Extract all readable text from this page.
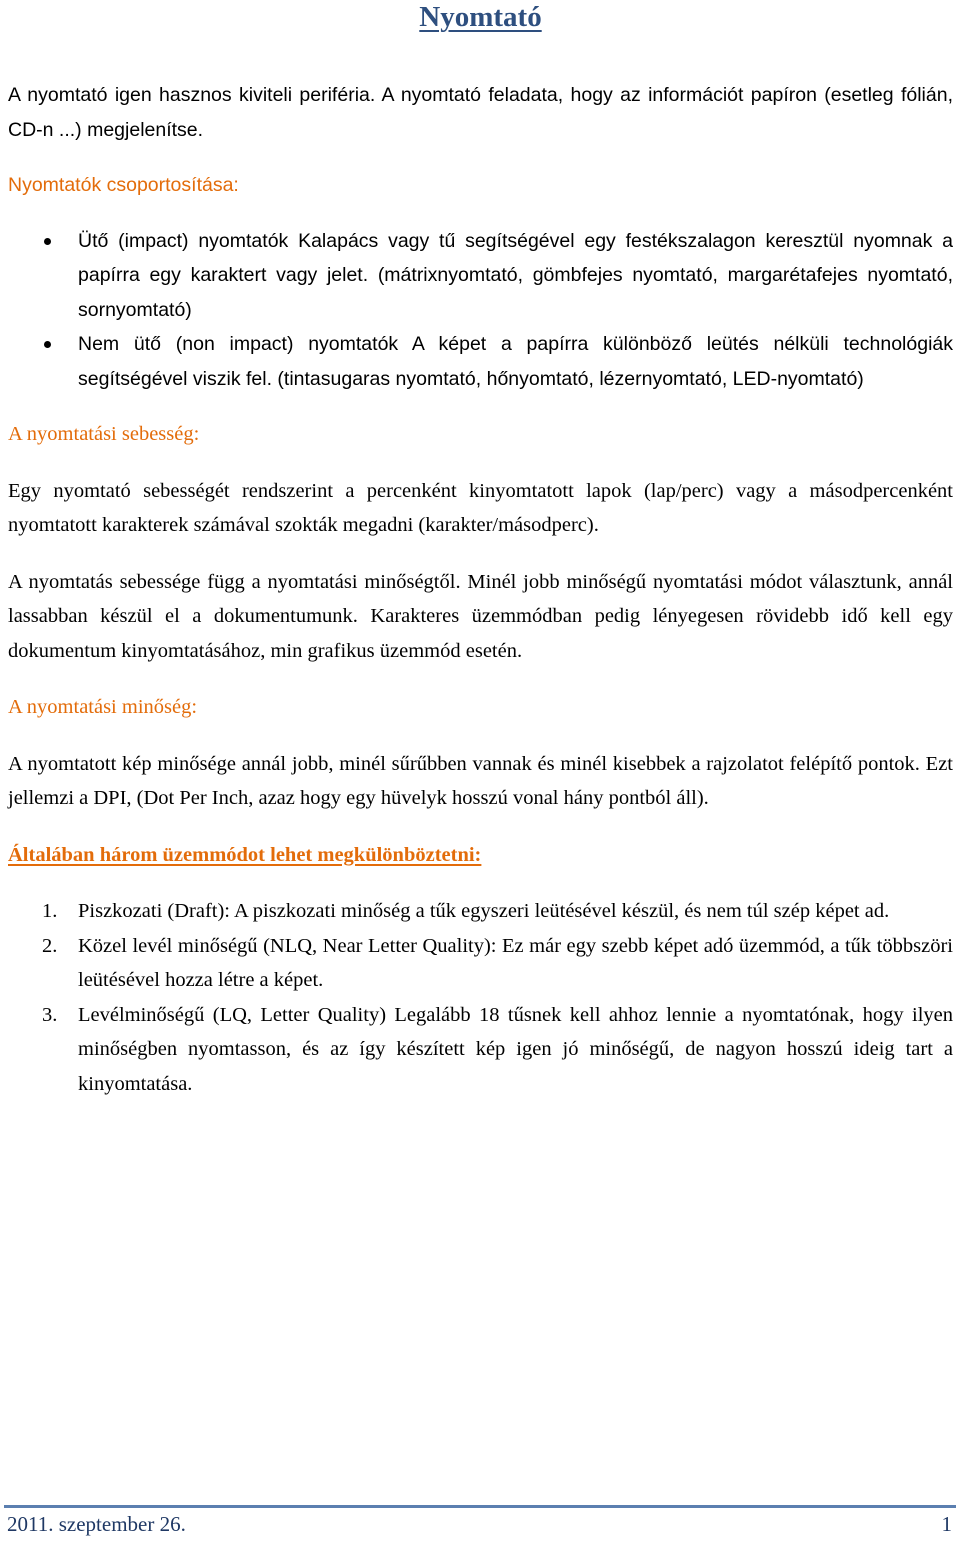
Nyomtató

A nyomtató igen hasznos kiviteli periféria. A nyomtató feladata, hogy az információt papíron (esetleg fólián, CD-n ...) megjelenítse.

Nyomtatók csoportosítása:
Ütő (impact) nyomtatók Kalapács vagy tű segítségével egy festékszalagon keresztül nyomnak a papírra egy karaktert vagy jelet. (mátrixnyomtató, gömbfejes nyomtató, margarétafejes nyomtató, sornyomtató)
Nem ütő (non impact) nyomtatók A képet a papírra különböző leütés nélküli technológiák segítségével viszik fel. (tintasugaras nyomtató, hőnyomtató, lézernyomtató, LED-nyomtató)
A nyomtatási sebesség:

Egy nyomtató sebességét rendszerint a percenként kinyomtatott lapok (lap/perc) vagy a másodpercenként nyomtatott karakterek számával szokták megadni (karakter/másodperc).

A nyomtatás sebessége függ a nyomtatási minőségtől. Minél jobb minőségű nyomtatási módot választunk, annál lassabban készül el a dokumentumunk. Karakteres üzemmódban pedig lényegesen rövidebb idő kell egy dokumentum kinyomtatásához, min grafikus üzemmód esetén.

A nyomtatási minőség:

A nyomtatott kép minősége annál jobb, minél sűrűbben vannak és minél kisebbek a rajzolatot felépítő pontok. Ezt jellemzi a DPI, (Dot Per Inch, azaz hogy egy hüvelyk hosszú vonal hány pontból áll).

Általában három üzemmódot lehet megkülönböztetni:
1. Piszkozati (Draft): A piszkozati minőség a tűk egyszeri leütésével készül, és nem túl szép képet ad.
2. Közel levél minőségű (NLQ, Near Letter Quality): Ez már egy szebb képet adó üzemmód, a tűk többszöri leütésével hozza létre a képet.
3. Levélminőségű (LQ, Letter Quality) Legalább 18 tűsnek kell ahhoz lennie a nyomtatónak, hogy ilyen minőségben nyomtasson, és az így készített kép igen jó minőségű, de nagyon hosszú ideig tart a kinyomtatása.
2011. szeptember 26.	1
